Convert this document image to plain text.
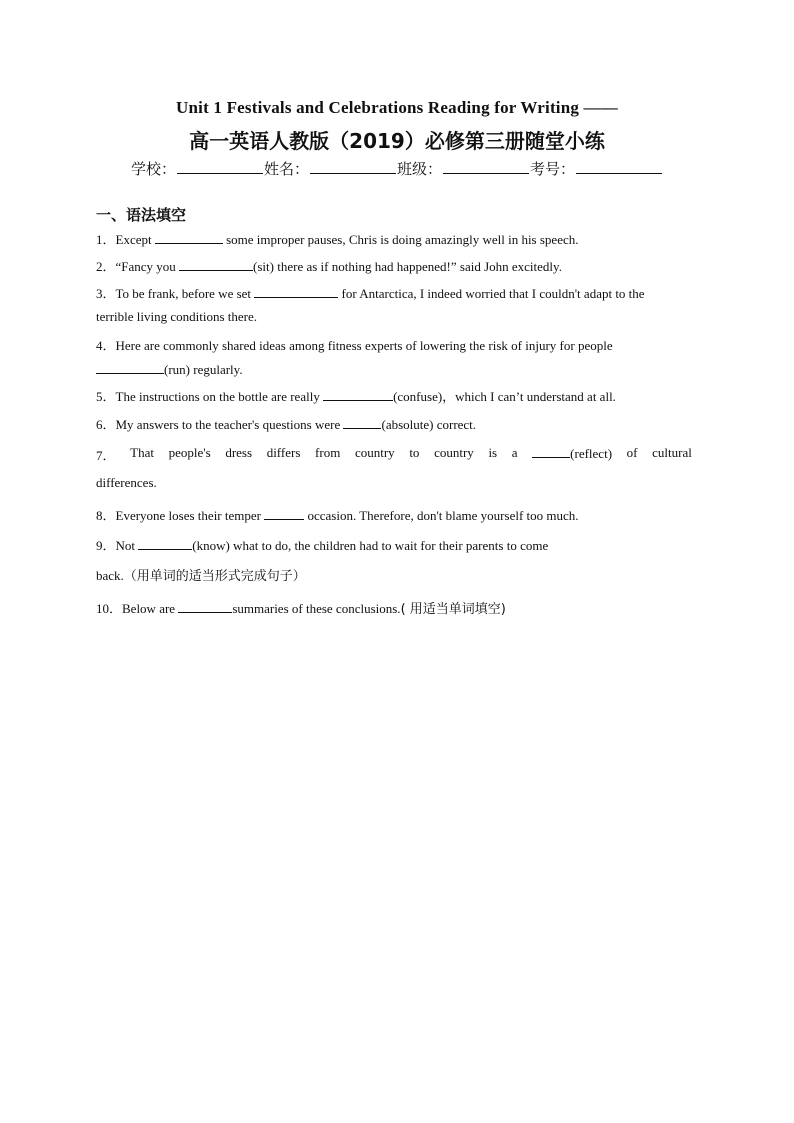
Unit 1 Festivals and Celebrations Reading for Writing ——
高一英语人教版（2019）必修第三册随堂小练
学校：	姓名：	班级：	考号：
一、语法填空
1．Except	some improper pauses, Chris is doing amazingly well in his speech.
2．“Fancy you	(sit) there as if nothing had happened!” said John excitedly.
3．To be frank, before we set	for Antarctica, I indeed worried that I couldn't adapt to the
terrible living conditions there.
4．Here are commonly shared ideas among fitness experts of lowering the risk of injury for people
(run) regularly.
5．The instructions on the bottle are really	(confuse)，which I can’t understand at all.
6．My answers to the teacher's questions were	(absolute) correct.
7． That people's dress differs from country to country is a	(reflect) of cultural
differences.
8．Everyone loses their temper	occasion. Therefore, don't blame yourself too much.
9．Not	(know) what to do, the children had to wait for their parents to come
back.（用单词的适当形式完成句子）
10．Below are	summaries of these conclusions.( 用适当单词填空)
